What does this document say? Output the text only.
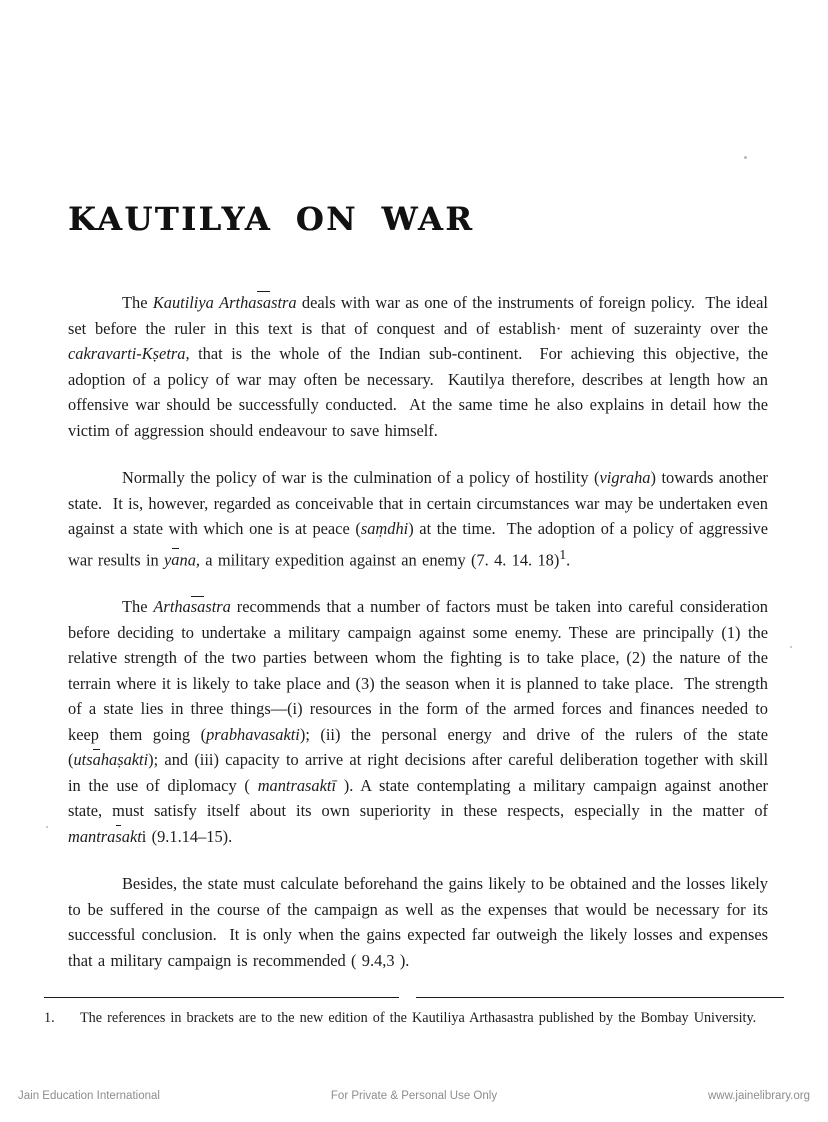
KAUTILYA ON WAR

The Kautiliya Arthasastra deals with war as one of the instruments of foreign policy.  The ideal set before the ruler in this text is that of conquest and of establish· ment of suzerainty over the cakravarti-Kṣetra, that is the whole of the Indian sub-continent.  For achieving this objective, the adoption of a policy of war may often be necessary.  Kautilya therefore, describes at length how an offensive war should be successfully conducted.  At the same time he also explains in detail how the victim of aggression should endeavour to save himself.

Normally the policy of war is the culmination of a policy of hostility (vigraha) towards another state.  It is, however, regarded as conceivable that in certain circumstances war may be undertaken even against a state with which one is at peace (saṃdhi) at the time.  The adoption of a policy of aggressive war results in yana, a military expedition against an enemy (7. 4. 14. 18)$^1$.

The Arthasastra recommends that a number of factors must be taken into careful consideration before deciding to undertake a military campaign against some enemy. These are principally (1) the relative strength of the two parties between whom the fighting is to take place, (2) the nature of the terrain where it is likely to take place and (3) the season when it is planned to take place.  The strength of a state lies in three things—(i) resources in the form of the armed forces and finances needed to keep them going (prabhavasakti); (ii) the personal energy and drive of the rulers of the state (utsahaṣakti); and (iii) capacity to arrive at right decisions after careful deliberation together with skill in the use of diplomacy ( mantrasaktī ). A state contemplating a military campaign against another state, must satisfy itself about its own superiority in these respects, especially in the matter of mantrasakti (9.1.14–15).

Besides, the state must calculate beforehand the gains likely to be obtained and the losses likely to be suffered in the course of the campaign as well as the expenses that would be necessary for its successful conclusion.  It is only when the gains expected far outweigh the likely losses and expenses that a military campaign is recommended ( 9.4,3 ).

1. The references in brackets are to the new edition of the Kautiliya Arthasastra published by the Bombay University.
Jain Education International	For Private & Personal Use Only	www.jainelibrary.org
